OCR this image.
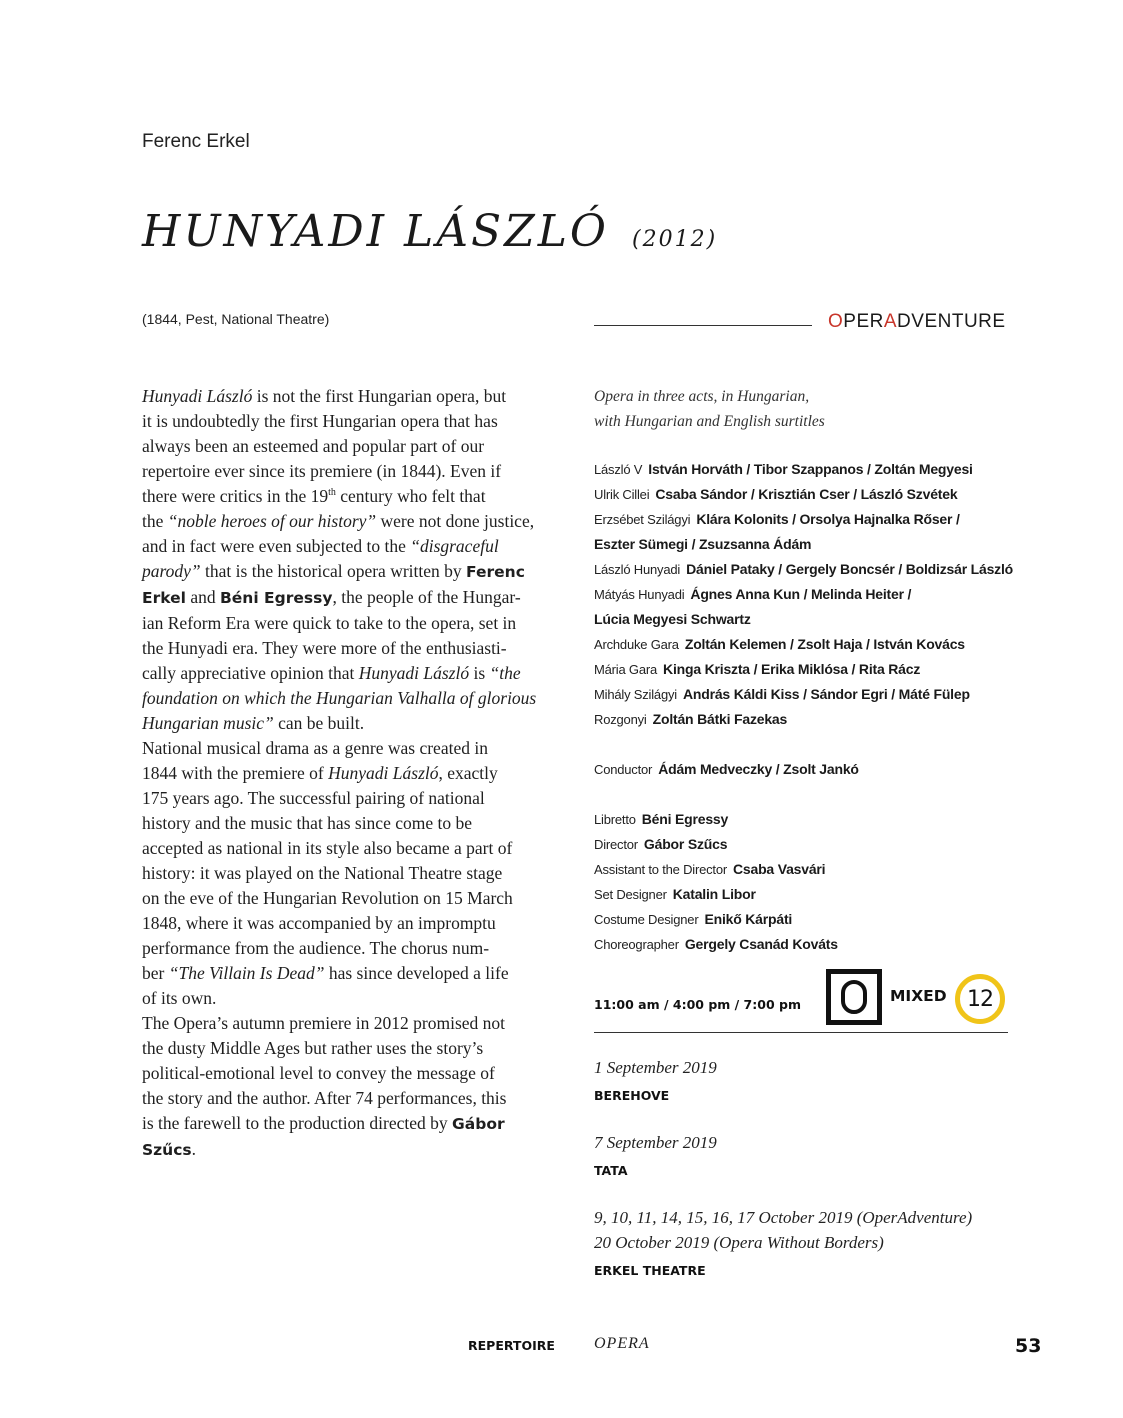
Ferenc Erkel
HUNYADI LÁSZLÓ (2012)
(1844, Pest, National Theatre)	OPERADVENTURE
Hunyadi László is not the first Hungarian opera, but
it is undoubtedly the first Hungarian opera that has
always been an esteemed and popular part of our
repertoire ever since its premiere (in 1844). Even if
there were critics in the 19th century who felt that
the “noble heroes of our history” were not done justice,
and in fact were even subjected to the “disgraceful
parody” that is the historical opera written by Ferenc
Erkel and Béni Egressy, the people of the Hungar-
ian Reform Era were quick to take to the opera, set in
the Hunyadi era. They were more of the enthusiasti-
cally appreciative opinion that Hunyadi László is “the
foundation on which the Hungarian Valhalla of glorious
Hungarian music” can be built.
National musical drama as a genre was created in
1844 with the premiere of Hunyadi László, exactly
175 years ago. The successful pairing of national
history and the music that has since come to be
accepted as national in its style also became a part of
history: it was played on the National Theatre stage
on the eve of the Hungarian Revolution on 15 March
1848, where it was accompanied by an impromptu
performance from the audience. The chorus num-
ber “The Villain Is Dead” has since developed a life
of its own.
The Opera’s autumn premiere in 2012 promised not
the dusty Middle Ages but rather uses the story’s
political-emotional level to convey the message of
the story and the author. After 74 performances, this
is the farewell to the production directed by Gábor
Szűcs.
Opera in three acts, in Hungarian,
with Hungarian and English surtitles
László V István Horváth / Tibor Szappanos / Zoltán Megyesi
Ulrik Cillei Csaba Sándor / Krisztián Cser / László Szvétek
Erzsébet Szilágyi Klára Kolonits / Orsolya Hajnalka Rőser /
Eszter Sümegi / Zsuzsanna Ádám
László Hunyadi Dániel Pataky / Gergely Boncsér / Boldizsár László
Mátyás Hunyadi Ágnes Anna Kun / Melinda Heiter /
Lúcia Megyesi Schwartz
Archduke Gara Zoltán Kelemen / Zsolt Haja / István Kovács
Mária Gara Kinga Kriszta / Erika Miklósa / Rita Rácz
Mihály Szilágyi András Káldi Kiss / Sándor Egri / Máté Fülep
Rozgonyi Zoltán Bátki Fazekas
Conductor Ádám Medveczky / Zsolt Jankó
Libretto Béni Egressy
Director Gábor Szűcs
Assistant to the Director Csaba Vasvári
Set Designer Katalin Libor
Costume Designer Enikő Kárpáti
Choreographer Gergely Csanád Kováts
11:00 am / 4:00 pm / 7:00 pm	MIXED 12
1 September 2019
BEREHOVE
7 September 2019
TATA
9, 10, 11, 14, 15, 16, 17 October 2019 (OperAdventure)
20 October 2019 (Opera Without Borders)
ERKEL THEATRE
REPERTOIRE OPERA	53
